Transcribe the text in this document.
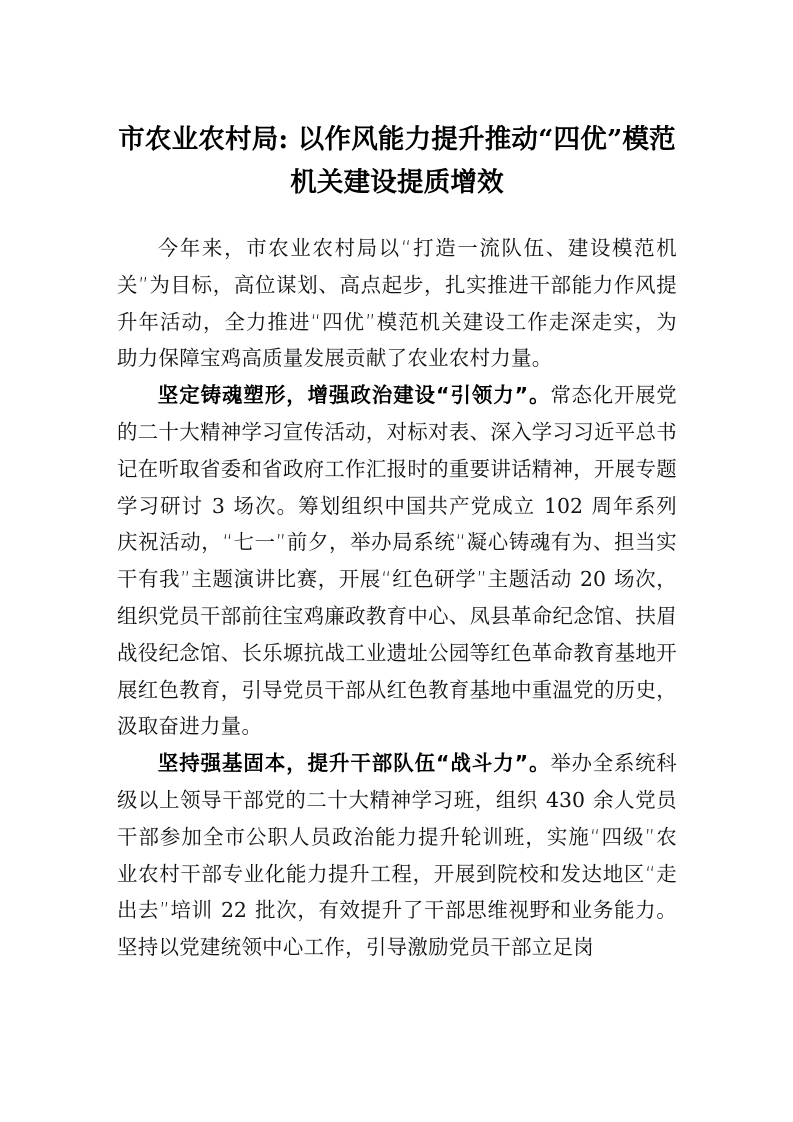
市农业农村局: 以作风能力提升推动“四优”模范机关建设提质增效

今年来，市农业农村局以“打造一流队伍、建设模范机关”为目标，高位谋划、高点起步，扎实推进干部能力作风提升年活动，全力推进“四优”模范机关建设工作走深走实，为助力保障宝鸡高质量发展贡献了农业农村力量。

坚定铸魂塑形，增强政治建设“引领力”。常态化开展党的二十大精神学习宣传活动，对标对表、深入学习习近平总书记在听取省委和省政府工作汇报时的重要讲话精神，开展专题学习研讨 3 场次。筹划组织中国共产党成立 102 周年系列庆祝活动，“七一”前夕，举办局系统“凝心铸魂有为、担当实干有我”主题演讲比赛，开展“红色研学”主题活动 20 场次，组织党员干部前往宝鸡廉政教育中心、凤县革命纪念馆、扶眉战役纪念馆、长乐塬抗战工业遗址公园等红色革命教育基地开展红色教育，引导党员干部从红色教育基地中重温党的历史，汲取奋进力量。

坚持强基固本，提升干部队伍“战斗力”。举办全系统科级以上领导干部党的二十大精神学习班，组织 430 余人党员干部参加全市公职人员政治能力提升轮训班，实施“四级”农业农村干部专业化能力提升工程，开展到院校和发达地区“走出去”培训 22 批次，有效提升了干部思维视野和业务能力。坚持以党建统领中心工作，引导激励党员干部立足岗
